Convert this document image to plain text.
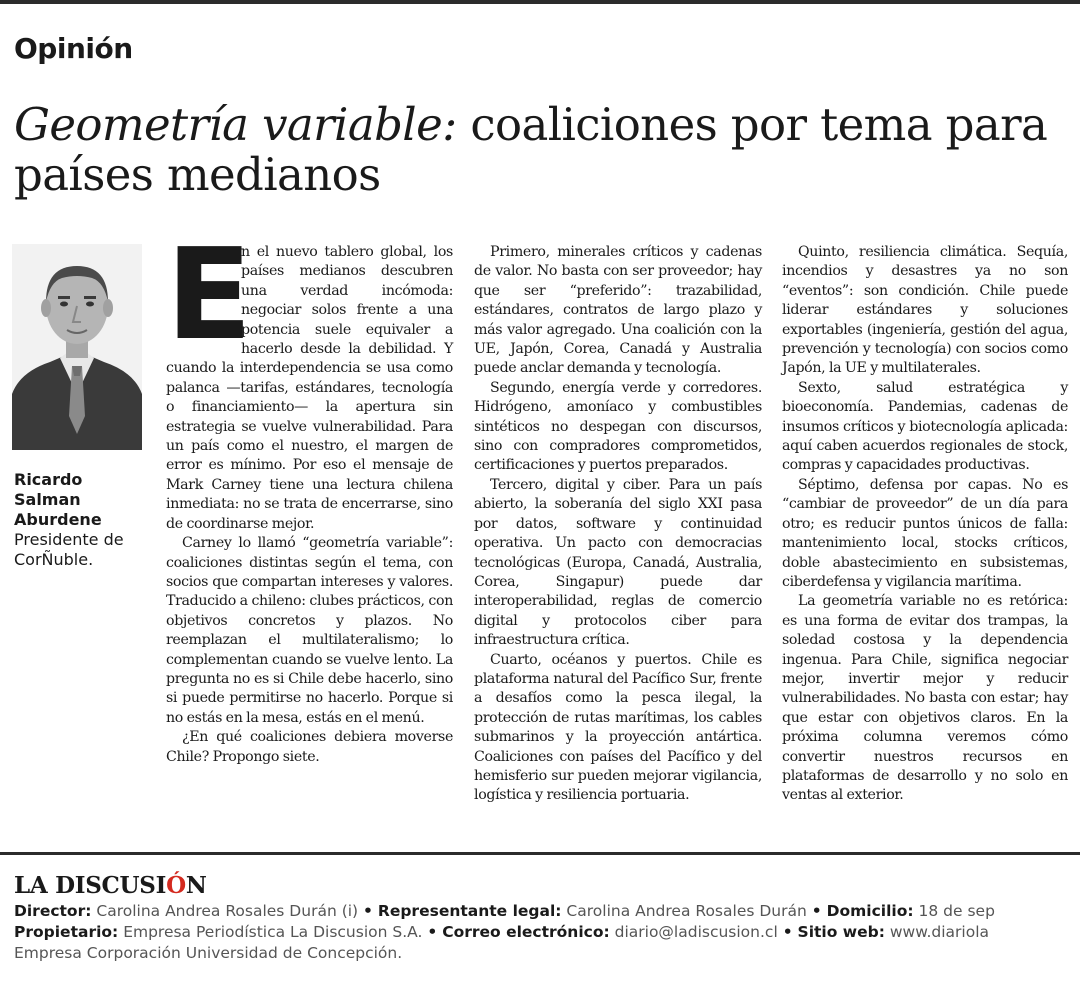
Opinión
Geometría variable: coaliciones por tema para países medianos
Ricardo
Salman
Aburdene
Presidente de CorÑuble.

E
n el nuevo tablero global, los países medianos descubren una verdad incómoda: negociar solos frente a una potencia suele equivaler a hacerlo desde la debilidad. Y cuando la interdependencia se usa como palanca —tarifas, estándares, tecnología o financiamiento— la apertura sin estrategia se vuelve vulnerabilidad. Para un país como el nuestro, el margen de error es mínimo. Por eso el mensaje de Mark Carney tiene una lectura chilena inmediata: no se trata de encerrarse, sino de coordinarse mejor.

Carney lo llamó “geometría variable”: coaliciones distintas según el tema, con socios que compartan intereses y valores. Traducido a chileno: clubes prácticos, con objetivos concretos y plazos. No reemplazan el multilateralismo; lo complementan cuando se vuelve lento. La pregunta no es si Chile debe hacerlo, sino si puede permitirse no hacerlo. Porque si no estás en la mesa, estás en el menú.

¿En qué coaliciones debiera moverse Chile? Propongo siete.

Primero, minerales críticos y cadenas de valor. No basta con ser proveedor; hay que ser “preferido”: trazabilidad, estándares, contratos de largo plazo y más valor agregado. Una coalición con la UE, Japón, Corea, Canadá y Australia puede anclar demanda y tecnología.

Segundo, energía verde y corredores. Hidrógeno, amoníaco y combustibles sintéticos no despegan con discursos, sino con compradores comprometidos, certificaciones y puertos preparados.

Tercero, digital y ciber. Para un país abierto, la soberanía del siglo XXI pasa por datos, software y continuidad operativa. Un pacto con democracias tecnológicas (Europa, Canadá, Australia, Corea, Singapur) puede dar interoperabilidad, reglas de comercio digital y protocolos ciber para infraestructura crítica.

Cuarto, océanos y puertos. Chile es plataforma natural del Pacífico Sur, frente a desafíos como la pesca ilegal, la protección de rutas marítimas, los cables submarinos y la proyección antártica. Coaliciones con países del Pacífico y del hemisferio sur pueden mejorar vigilancia, logística y resiliencia portuaria.

Quinto, resiliencia climática. Sequía, incendios y desastres ya no son “eventos”: son condición. Chile puede liderar estándares y soluciones exportables (ingeniería, gestión del agua, prevención y tecnología) con socios como Japón, la UE y multilaterales.

Sexto, salud estratégica y bioeconomía. Pandemias, cadenas de insumos críticos y biotecnología aplicada: aquí caben acuerdos regionales de stock, compras y capacidades productivas.

Séptimo, defensa por capas. No es “cambiar de proveedor” de un día para otro; es reducir puntos únicos de falla: mantenimiento local, stocks críticos, doble abastecimiento en subsistemas, ciberdefensa y vigilancia marítima.

La geometría variable no es retórica: es una forma de evitar dos trampas, la soledad costosa y la dependencia ingenua. Para Chile, significa negociar mejor, invertir mejor y reducir vulnerabilidades. No basta con estar; hay que estar con objetivos claros. En la próxima columna veremos cómo convertir nuestros recursos en plataformas de desarrollo y no solo en ventas al exterior.

LA DISCUSIÓN
Director: Carolina Andrea Rosales Durán (i) • Representante legal: Carolina Andrea Rosales Durán • Domicilio: 18 de sep
Propietario: Empresa Periodística La Discusion S.A. • Correo electrónico: diario@ladiscusion.cl • Sitio web: www.diariola
Empresa Corporación Universidad de Concepción.
